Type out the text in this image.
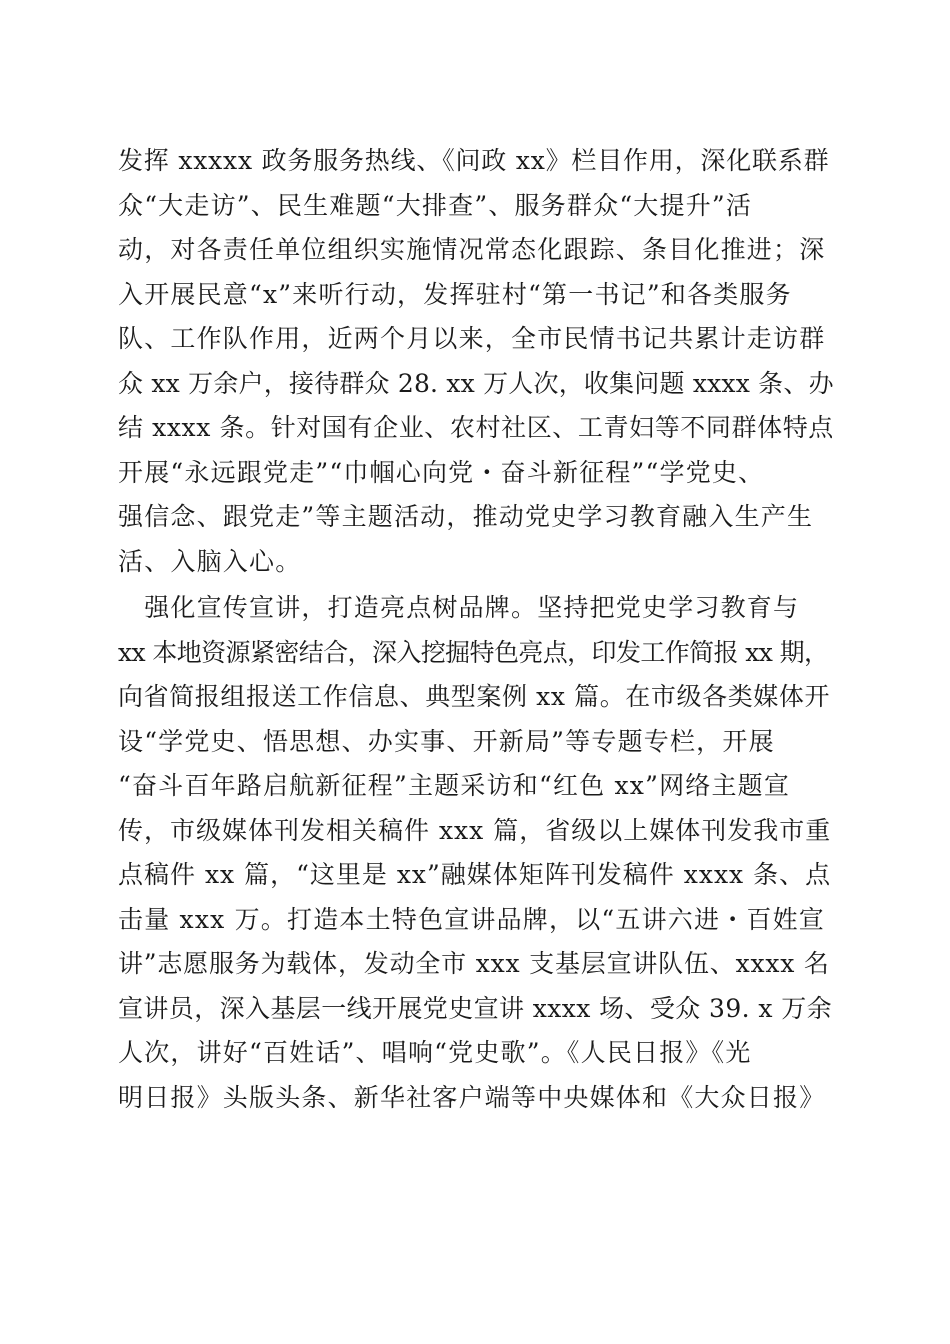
发挥 xxxxx 政务服务热线、《问政 xx》栏目作用，深化联系群
众“大走访”、民生难题“大排查”、服务群众“大提升”活
动，对各责任单位组织实施情况常态化跟踪、条目化推进；深
入开展民意“x”来听行动，发挥驻村“第一书记”和各类服务
队、工作队作用，近两个月以来，全市民情书记共累计走访群
众 xx 万余户，接待群众 28. xx 万人次，收集问题 xxxx 条、办
结 xxxx 条。针对国有企业、农村社区、工青妇等不同群体特点
开展“永远跟党走”“巾帼心向党・奋斗新征程”“学党史、
强信念、跟党走”等主题活动，推动党史学习教育融入生产生
活、入脑入心。
　强化宣传宣讲，打造亮点树品牌。坚持把党史学习教育与
xx 本地资源紧密结合，深入挖掘特色亮点，印发工作简报 xx 期，
向省简报组报送工作信息、典型案例 xx 篇。在市级各类媒体开
设“学党史、悟思想、办实事、开新局”等专题专栏，开展
“奋斗百年路启航新征程”主题采访和“红色 xx”网络主题宣
传，市级媒体刊发相关稿件 xxx 篇，省级以上媒体刊发我市重
点稿件 xx 篇，“这里是 xx”融媒体矩阵刊发稿件 xxxx 条、点
击量 xxx 万。打造本土特色宣讲品牌，以“五讲六进・百姓宣
讲”志愿服务为载体，发动全市 xxx 支基层宣讲队伍、xxxx 名
宣讲员，深入基层一线开展党史宣讲 xxxx 场、受众 39. x 万余
人次，讲好“百姓话”、唱响“党史歌”。《人民日报》《光
明日报》头版头条、新华社客户端等中央媒体和《大众日报》
